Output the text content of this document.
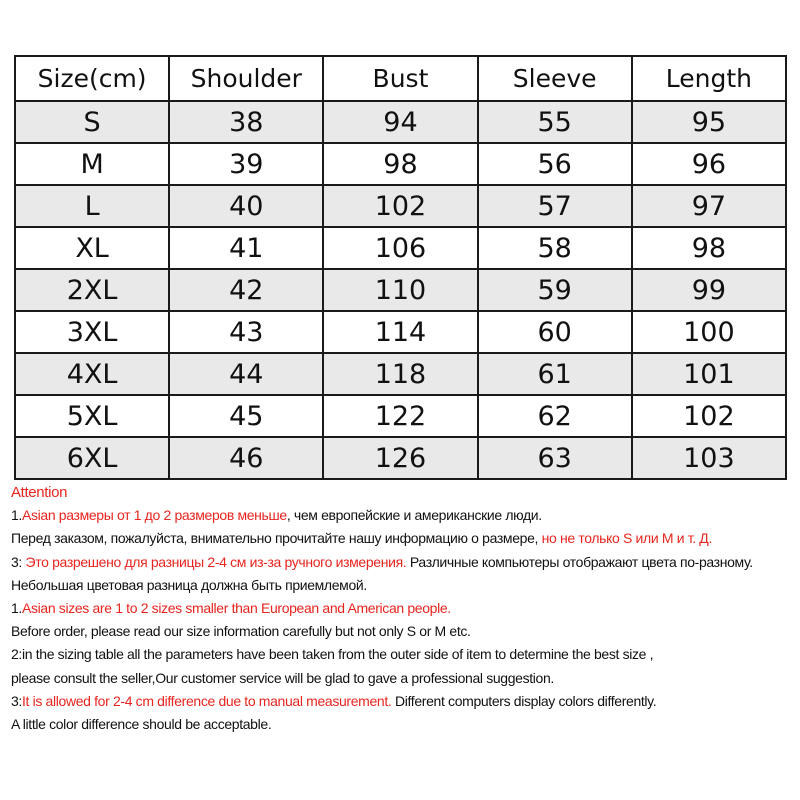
Size(cm)	Shoulder	Bust	Sleeve	Length
S	38	94	55	95
M	39	98	56	96
L	40	102	57	97
XL	41	106	58	98
2XL	42	110	59	99
3XL	43	114	60	100
4XL	44	118	61	101
5XL	45	122	62	102
6XL	46	126	63	103
Attention
1.Asian размеры от 1 до 2 размеров меньше, чем европейские и американские люди.
Перед заказом, пожалуйста, внимательно прочитайте нашу информацию о размере, но не только S или M и т. Д.
3: Это разрешено для разницы 2-4 см из-за ручного измерения. Различные компьютеры отображают цвета по-разному.
Небольшая цветовая разница должна быть приемлемой.
1.Asian sizes are 1 to 2 sizes smaller than European and American people.
Before order, please read our size information carefully but not only S or M etc.
2:in the sizing table all the parameters have been taken from the outer side of item to determine the best size ,
please consult the seller,Our customer service will be glad to gave a professional suggestion.
3:It is allowed for 2-4 cm difference due to manual measurement. Different computers display colors differently.
A little color difference should be acceptable.
